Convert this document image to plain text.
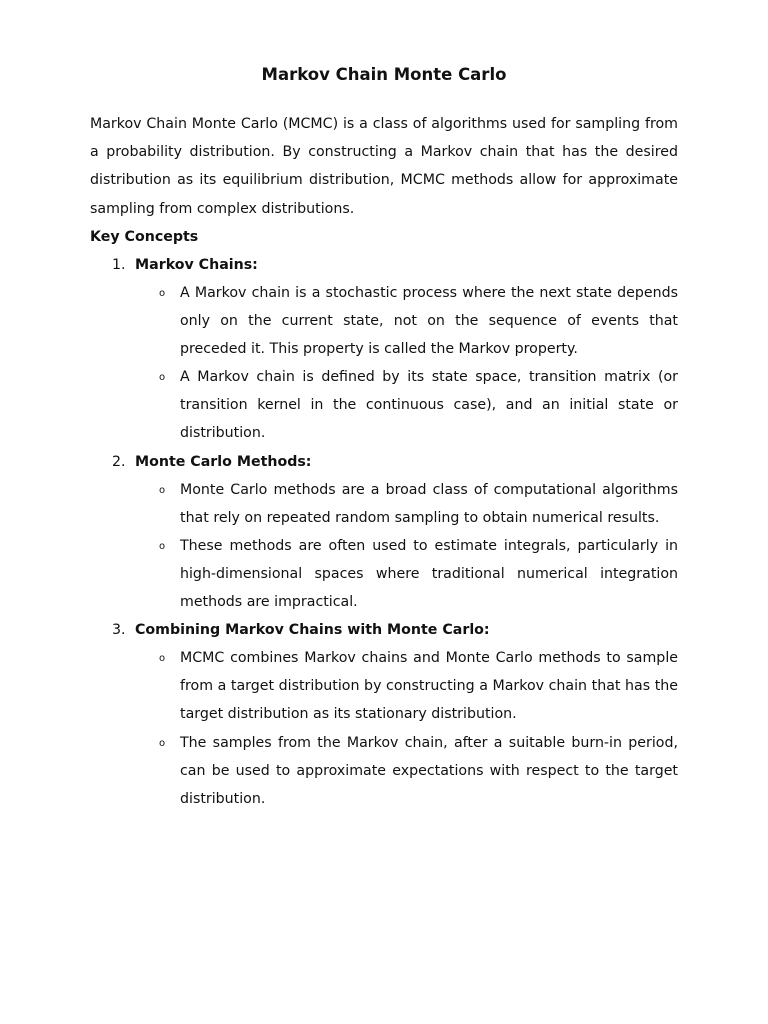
Markov Chain Monte Carlo
Markov Chain Monte Carlo (MCMC) is a class of algorithms used for sampling from a probability distribution. By constructing a Markov chain that has the desired distribution as its equilibrium distribution, MCMC methods allow for approximate sampling from complex distributions.
Key Concepts
1. Markov Chains:
o A Markov chain is a stochastic process where the next state depends only on the current state, not on the sequence of events that preceded it. This property is called the Markov property.
o A Markov chain is defined by its state space, transition matrix (or transition kernel in the continuous case), and an initial state or distribution.
2. Monte Carlo Methods:
o Monte Carlo methods are a broad class of computational algorithms that rely on repeated random sampling to obtain numerical results.
o These methods are often used to estimate integrals, particularly in high-dimensional spaces where traditional numerical integration methods are impractical.
3. Combining Markov Chains with Monte Carlo:
o MCMC combines Markov chains and Monte Carlo methods to sample from a target distribution by constructing a Markov chain that has the target distribution as its stationary distribution.
o The samples from the Markov chain, after a suitable burn-in period, can be used to approximate expectations with respect to the target distribution.
